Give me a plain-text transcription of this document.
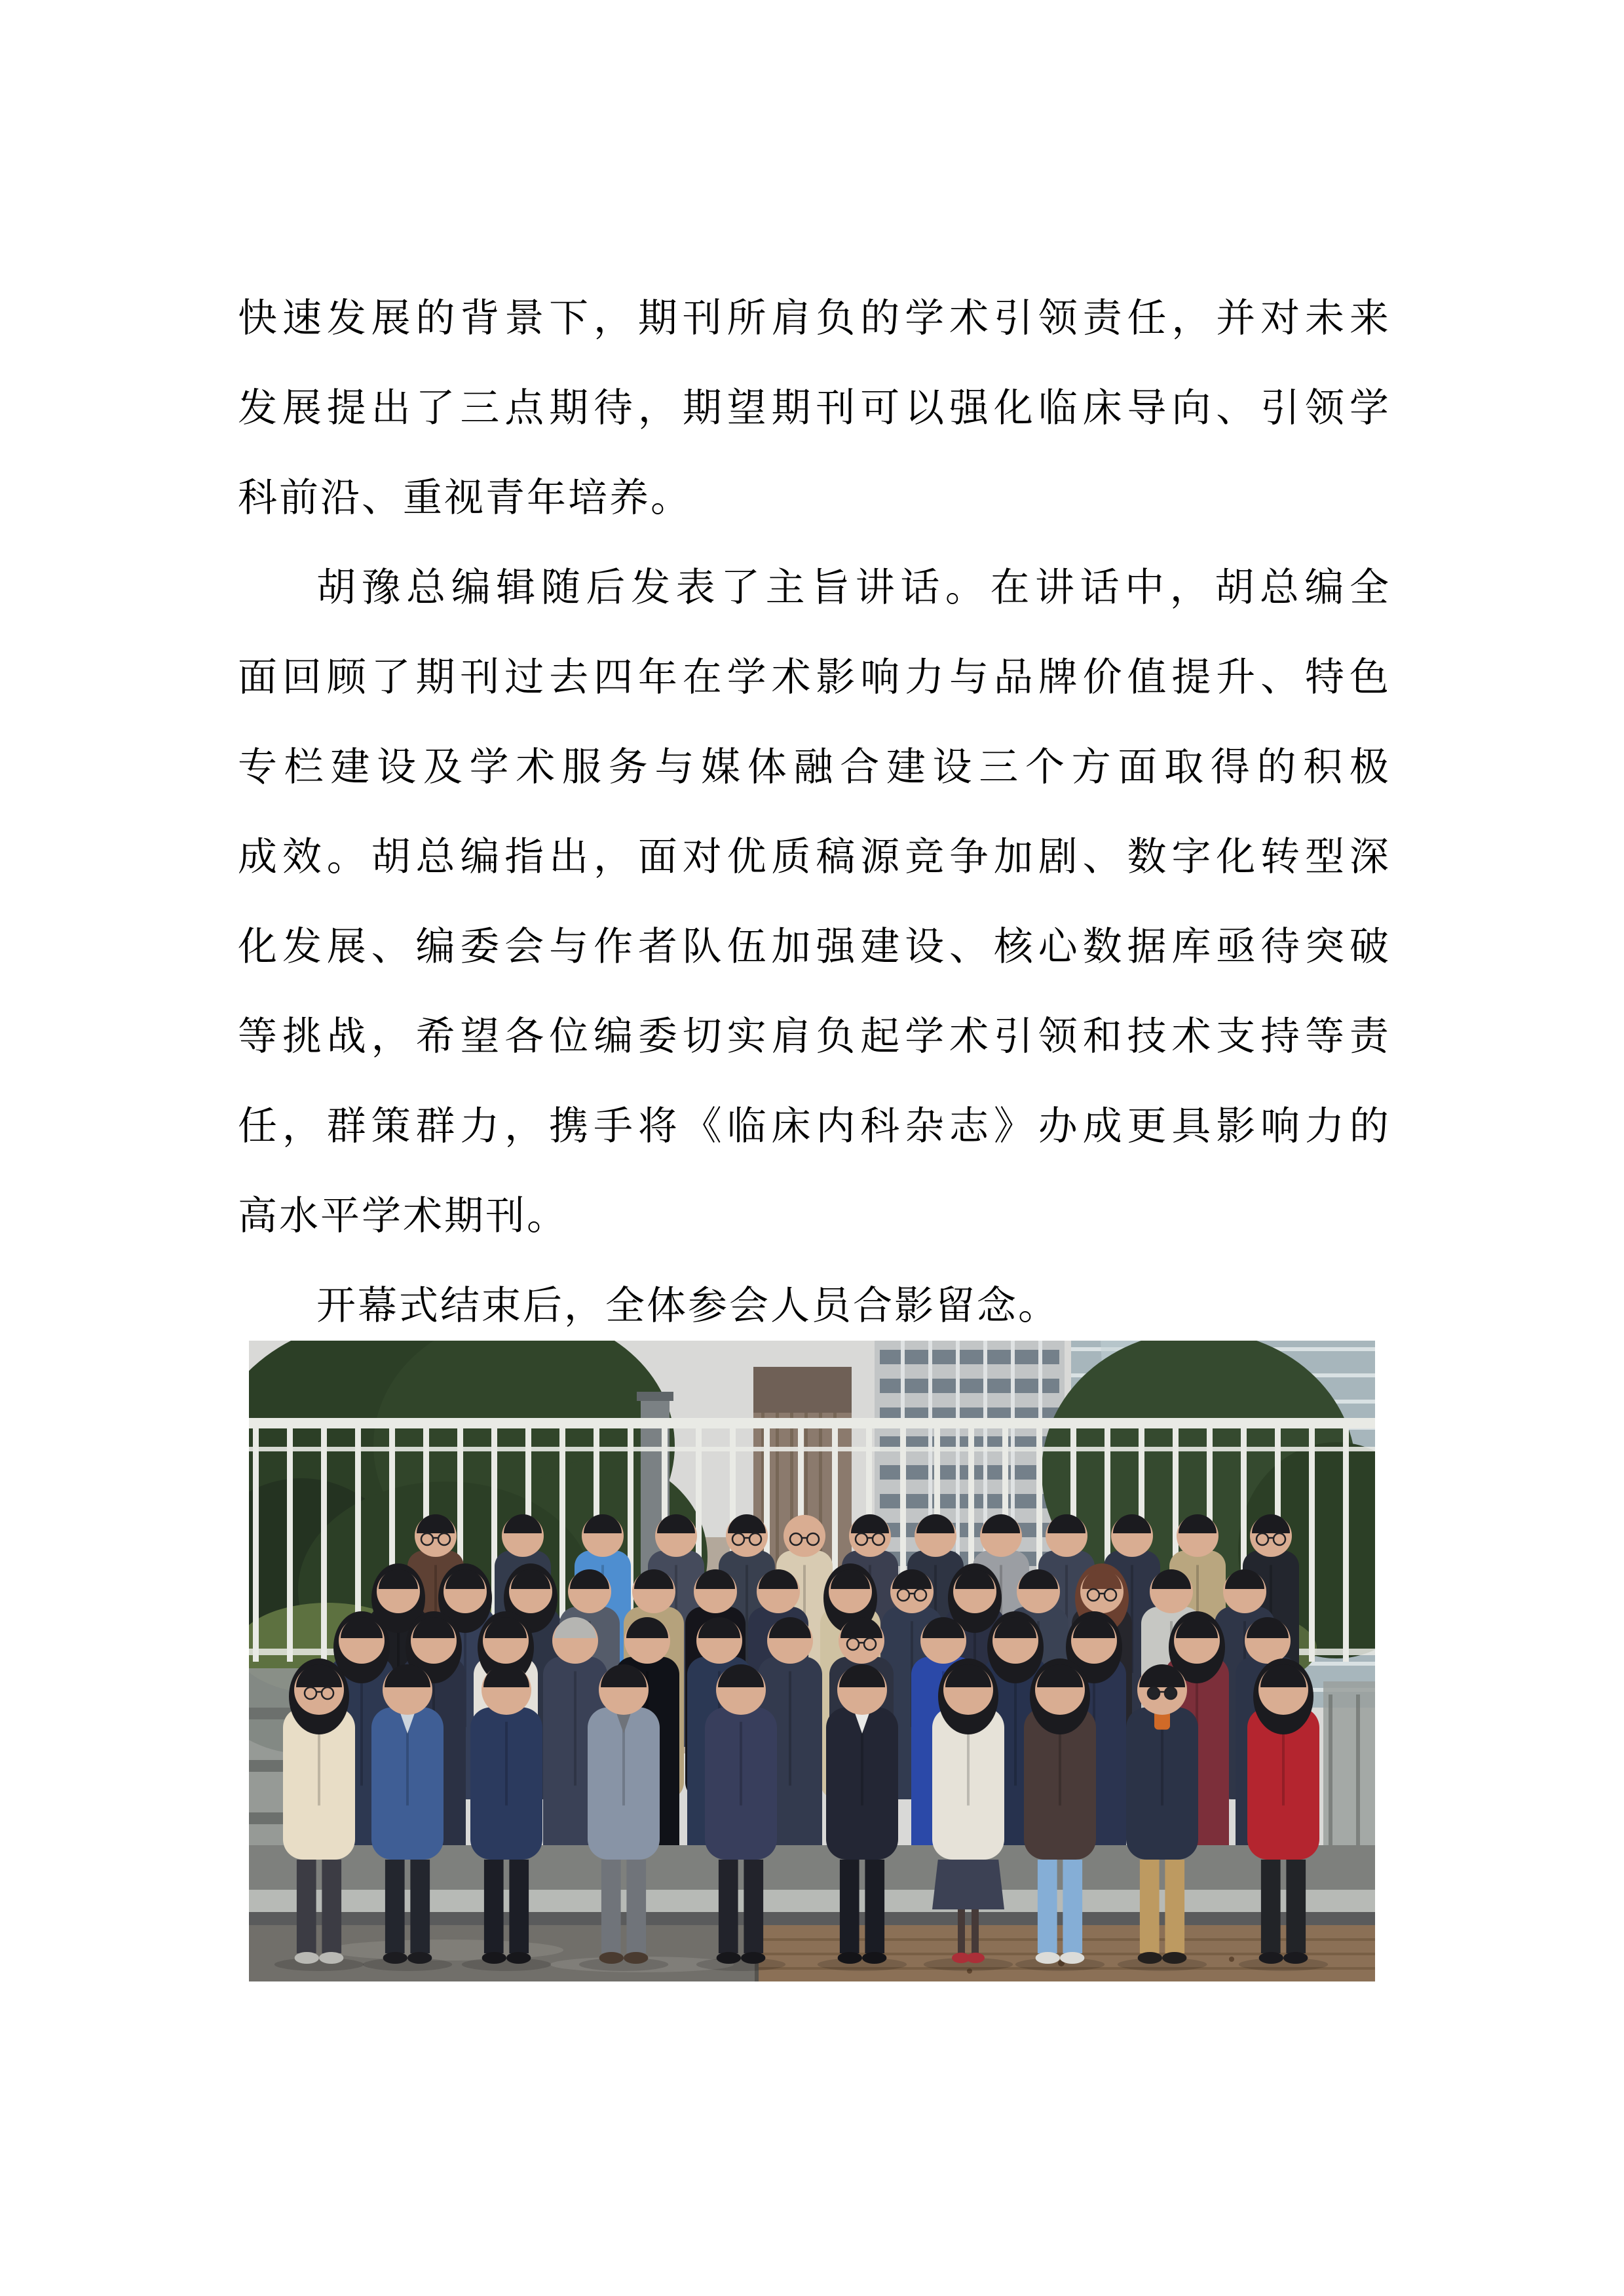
快 速 发 展 的 背 景 下 ， 期 刊 所 肩 负 的 学 术 引 领 责 任 ， 并 对 未 来
发 展 提 出 了 三 点 期 待 ， 期 望 期 刊 可 以 强 化 临 床 导 向 、 引 领 学
科前沿、重视青年培养。
胡 豫 总 编 辑 随 后 发 表 了 主 旨 讲 话 。 在 讲 话 中 ， 胡 总 编 全
面 回 顾 了 期 刊 过 去 四 年 在 学 术 影 响 力 与 品 牌 价 值 提 升 、 特 色
专 栏 建 设 及 学 术 服 务 与 媒 体 融 合 建 设 三 个 方 面 取 得 的 积 极
成 效 。 胡 总 编 指 出 ， 面 对 优 质 稿 源 竞 争 加 剧 、 数 字 化 转 型 深
化 发 展 、 编 委 会 与 作 者 队 伍 加 强 建 设 、 核 心 数 据 库 亟 待 突 破
等 挑 战 ， 希 望 各 位 编 委 切 实 肩 负 起 学 术 引 领 和 技 术 支 持 等 责
任 ， 群 策 群 力 ， 携 手 将 《 临 床 内 科 杂 志 》 办 成 更 具 影 响 力 的
高水平学术期刊。
开幕式结束后，全体参会人员合影留念。
